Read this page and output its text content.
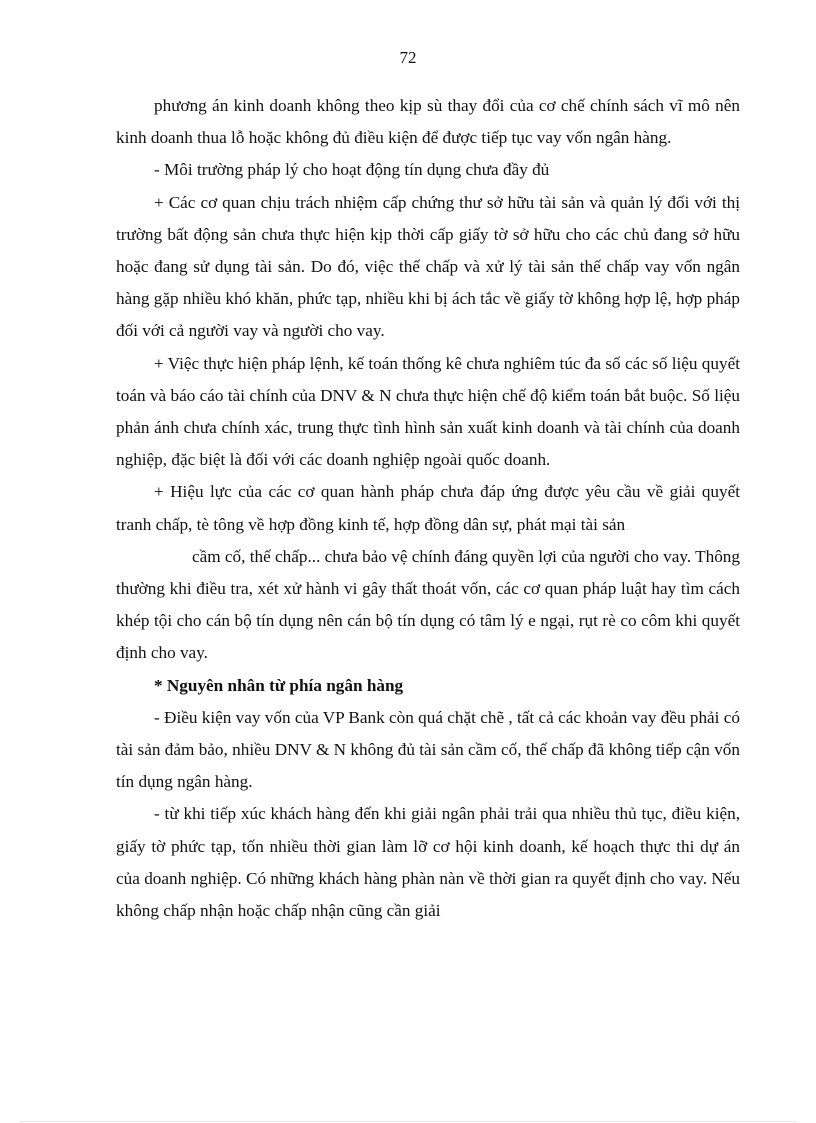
72

phương án kinh doanh không theo kịp sù thay đổi của cơ chế chính sách vĩ mô nên kinh doanh thua lỗ hoặc không đủ điều kiện để được tiếp tục vay vốn ngân hàng.

- Môi trường pháp lý cho hoạt động tín dụng chưa đầy đủ

+ Các cơ quan chịu trách nhiệm cấp chứng thư sở hữu tài sản và quản lý đối với thị trường bất động sản chưa thực hiện kịp thời cấp giấy tờ sở hữu cho các chủ đang sở hữu hoặc đang sử dụng tài sản. Do đó, việc thế chấp và xử lý tài sản thế chấp vay vốn ngân hàng gặp nhiều khó khăn, phức tạp, nhiều khi bị ách tắc về giấy tờ không hợp lệ, hợp pháp đối với cả người vay và người cho vay.

+ Việc thực hiện pháp lệnh, kế toán thống kê chưa nghiêm túc đa số các số liệu quyết toán và báo cáo tài chính của DNV & N chưa thực hiện chế độ kiểm toán bắt buộc. Số liệu phản ánh chưa chính xác, trung thực tình hình sản xuất kinh doanh và tài chính của doanh nghiệp, đặc biệt là đối với các doanh nghiệp ngoài quốc doanh.

+ Hiệu lực của các cơ quan hành pháp chưa đáp ứng được yêu cầu về giải quyết tranh chấp, tè tông về hợp đồng kinh tế, hợp đồng dân sự, phát mại tài sản

cầm cố, thế chấp... chưa bảo vệ chính đáng quyền lợi của người cho vay. Thông thường khi điều tra, xét xử hành vi gây thất thoát vốn, các cơ quan pháp luật hay tìm cách khép tội cho cán bộ tín dụng nên cán bộ tín dụng có tâm lý e ngại, rụt rè co côm khi quyết định cho vay.

* Nguyên nhân từ phía ngân hàng

- Điều kiện vay vốn của VP Bank còn quá chặt chẽ , tất cả các khoản vay đều phải có tài sản đảm bảo, nhiều DNV & N không đủ tài sản cầm cố, thế chấp đã không tiếp cận vốn tín dụng ngân hàng.

- từ khi tiếp xúc khách hàng đến khi giải ngân phải trải qua nhiều thủ tục, điều kiện, giấy tờ phức tạp, tốn nhiều thời gian làm lỡ cơ hội kinh doanh, kế hoạch thực thi dự án của doanh nghiệp. Có những khách hàng phàn nàn về thời gian ra quyết định cho vay. Nếu không chấp nhận hoặc chấp nhận cũng cần giải
